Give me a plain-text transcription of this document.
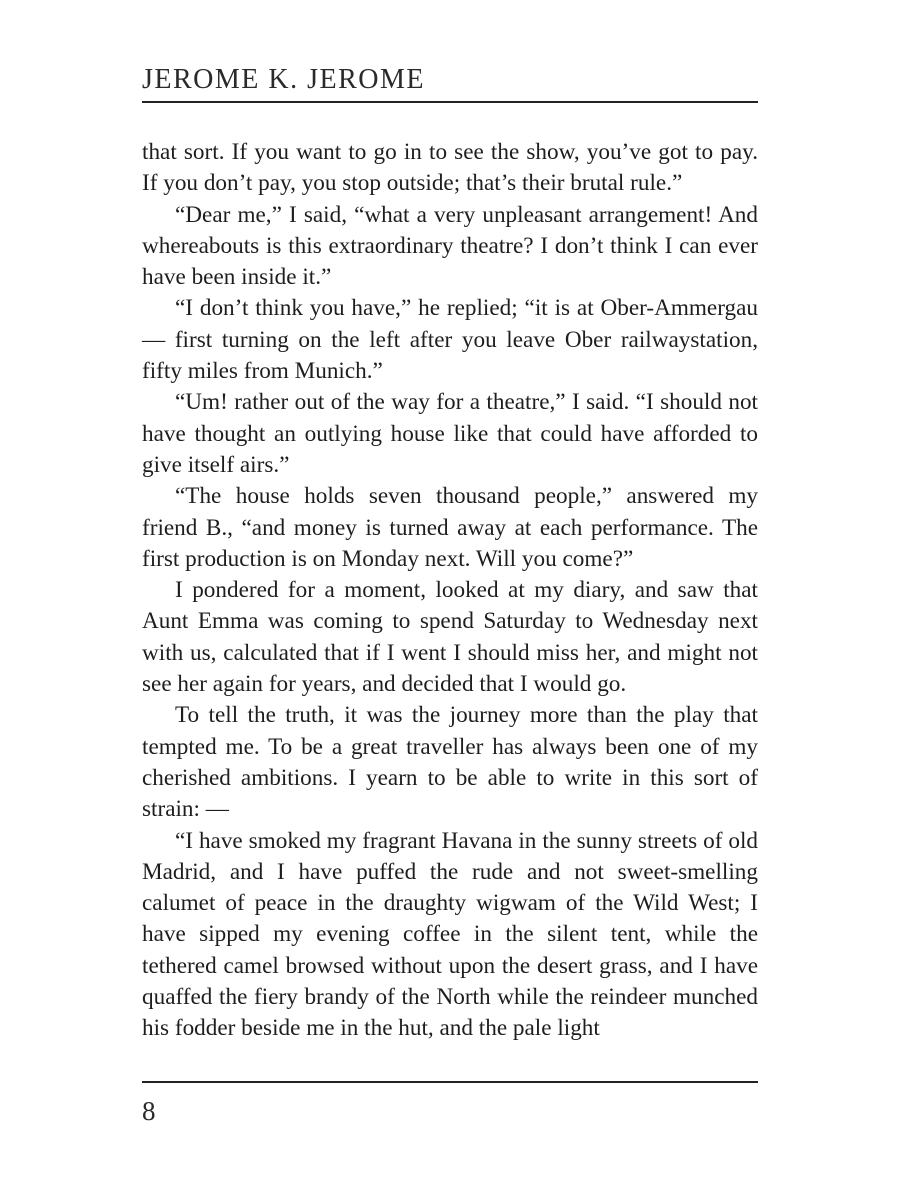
JEROME K. JEROME

that sort. If you want to go in to see the show, you’ve got to pay. If you don’t pay, you stop outside; that’s their brutal rule.”

“Dear me,” I said, “what a very unpleasant arrangement! And whereabouts is this extraordinary theatre? I don’t think I can ever have been inside it.”

“I don’t think you have,” he replied; “it is at Ober-Ammergau — first turning on the left after you leave Ober railwaystation, fifty miles from Munich.”

“Um! rather out of the way for a theatre,” I said. “I should not have thought an outlying house like that could have afforded to give itself airs.”

“The house holds seven thousand people,” answered my friend B., “and money is turned away at each performance. The first production is on Monday next. Will you come?”

I pondered for a moment, looked at my diary, and saw that Aunt Emma was coming to spend Saturday to Wednesday next with us, calculated that if I went I should miss her, and might not see her again for years, and decided that I would go.

To tell the truth, it was the journey more than the play that tempted me. To be a great traveller has always been one of my cherished ambitions. I yearn to be able to write in this sort of strain: —

“I have smoked my fragrant Havana in the sunny streets of old Madrid, and I have puffed the rude and not sweet-smelling calumet of peace in the draughty wigwam of the Wild West; I have sipped my evening coffee in the silent tent, while the tethered camel browsed without upon the desert grass, and I have quaffed the fiery brandy of the North while the reindeer munched his fodder beside me in the hut, and the pale light

8
